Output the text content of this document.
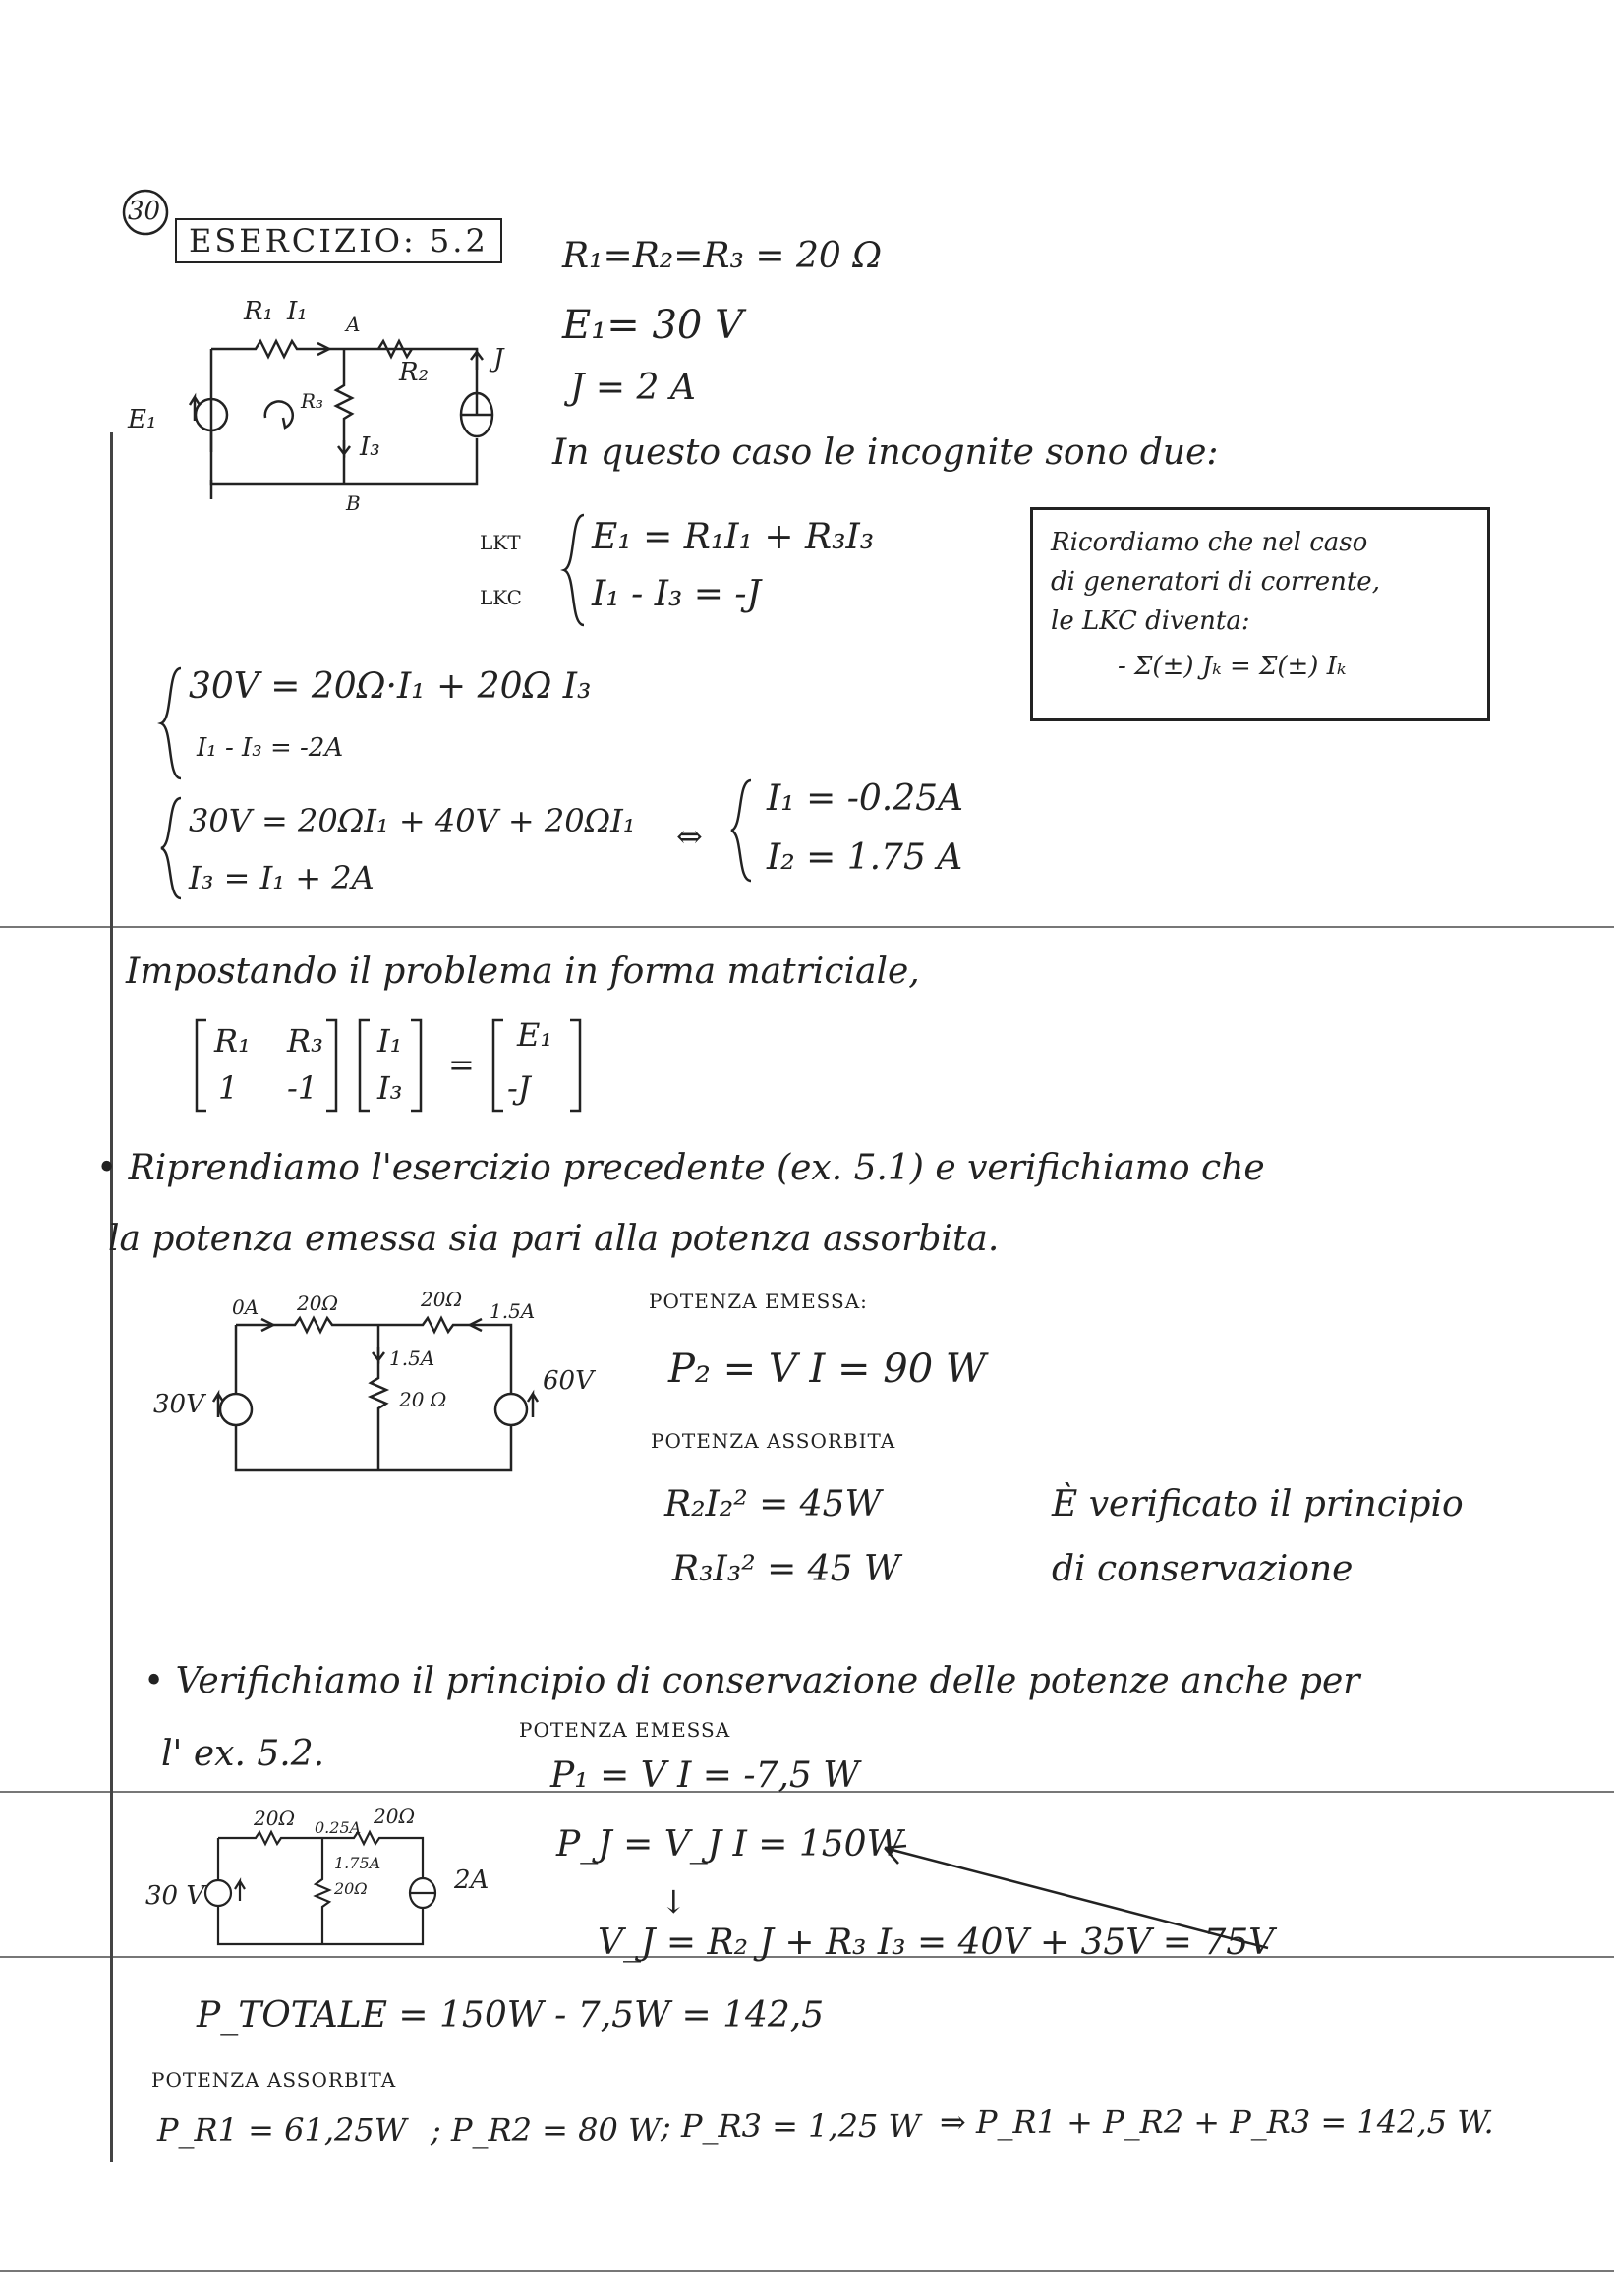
30
ESERCIZIO: 5.2	R₁=R₂=R₃ = 20 Ω
E₁= 30 V
J = 2 A
In questo caso le incognite sono due:
R₁ I₁ A
R₂	J
E₁
R₃
I₃
B
LKT
LKC
E₁ = R₁I₁ + R₃I₃
I₁ - I₃ = -J
Ricordiamo che nel caso
di generatori di corrente,
le LKC diventa:
- Σ(±) Jₖ = Σ(±) Iₖ
30V = 20Ω·I₁ + 20Ω I₃
I₁ - I₃ = -2A
30V = 20ΩI₁ + 40V + 20ΩI₁
I₃ = I₁ + 2A
⇔
I₁ = -0.25A
I₂ = 1.75 A
Impostando il problema in forma matriciale,
R₁ R₃
1 -1
I₁
I₃
=
E₁
-J
• Riprendiamo l'esercizio precedente (ex. 5.1) e verifichiamo che
la potenza emessa sia pari alla potenza assorbita.
0A 20Ω	20Ω 1.5A
1.5A
20 Ω
30V
60V
POTENZA EMESSA:
P₂ = V I = 90 W
POTENZA ASSORBITA
R₂I₂² = 45W
R₃I₃² = 45 W
È verificato il principio
di conservazione
• Verifichiamo il principio di conservazione delle potenze anche per
l' ex. 5.2.
POTENZA EMESSA
P₁ = V I = -7,5 W
20Ω 0.25A 20Ω
1.75A
20Ω
30 V
2A
P_J = V_J I = 150W
↓
V_J = R₂ J + R₃ I₃ = 40V + 35V = 75V
P_TOTALE = 150W - 7,5W = 142,5
POTENZA ASSORBITA
P_R1 = 61,25W ; P_R2 = 80 W ; P_R3 = 1,25 W ⇒ P_R1 + P_R2 + P_R3 = 142,5 W.
